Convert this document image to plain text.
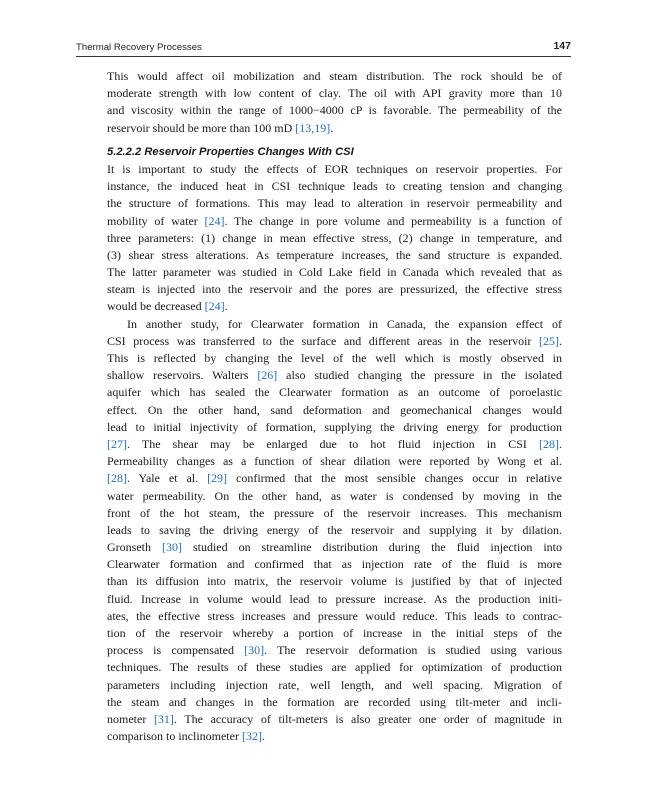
Thermal Recovery Processes	147
This would affect oil mobilization and steam distribution. The rock should be of
moderate strength with low content of clay. The oil with API gravity more than 10
and viscosity within the range of 1000−4000 cP is favorable. The permeability of the
reservoir should be more than 100 mD [13,19].
5.2.2.2 Reservoir Properties Changes With CSI
It is important to study the effects of EOR techniques on reservoir properties. For
instance, the induced heat in CSI technique leads to creating tension and changing
the structure of formations. This may lead to alteration in reservoir permeability and
mobility of water [24]. The change in pore volume and permeability is a function of
three parameters: (1) change in mean effective stress, (2) change in temperature, and
(3) shear stress alterations. As temperature increases, the sand structure is expanded.
The latter parameter was studied in Cold Lake field in Canada which revealed that as
steam is injected into the reservoir and the pores are pressurized, the effective stress
would be decreased [24].
In another study, for Clearwater formation in Canada, the expansion effect of
CSI process was transferred to the surface and different areas in the reservoir [25].
This is reflected by changing the level of the well which is mostly observed in
shallow reservoirs. Walters [26] also studied changing the pressure in the isolated
aquifer which has sealed the Clearwater formation as an outcome of poroelastic
effect. On the other hand, sand deformation and geomechanical changes would
lead to initial injectivity of formation, supplying the driving energy for production
[27]. The shear may be enlarged due to hot fluid injection in CSI [28].
Permeability changes as a function of shear dilation were reported by Wong et al.
[28]. Yale et al. [29] confirmed that the most sensible changes occur in relative
water permeability. On the other hand, as water is condensed by moving in the
front of the hot steam, the pressure of the reservoir increases. This mechanism
leads to saving the driving energy of the reservoir and supplying it by dilation.
Gronseth [30] studied on streamline distribution during the fluid injection into
Clearwater formation and confirmed that as injection rate of the fluid is more
than its diffusion into matrix, the reservoir volume is justified by that of injected
fluid. Increase in volume would lead to pressure increase. As the production initi-
ates, the effective stress increases and pressure would reduce. This leads to contrac-
tion of the reservoir whereby a portion of increase in the initial steps of the
process is compensated [30]. The reservoir deformation is studied using various
techniques. The results of these studies are applied for optimization of production
parameters including injection rate, well length, and well spacing. Migration of
the steam and changes in the formation are recorded using tilt-meter and incli-
nometer [31]. The accuracy of tilt-meters is also greater one order of magnitude in
comparison to inclinometer [32].
